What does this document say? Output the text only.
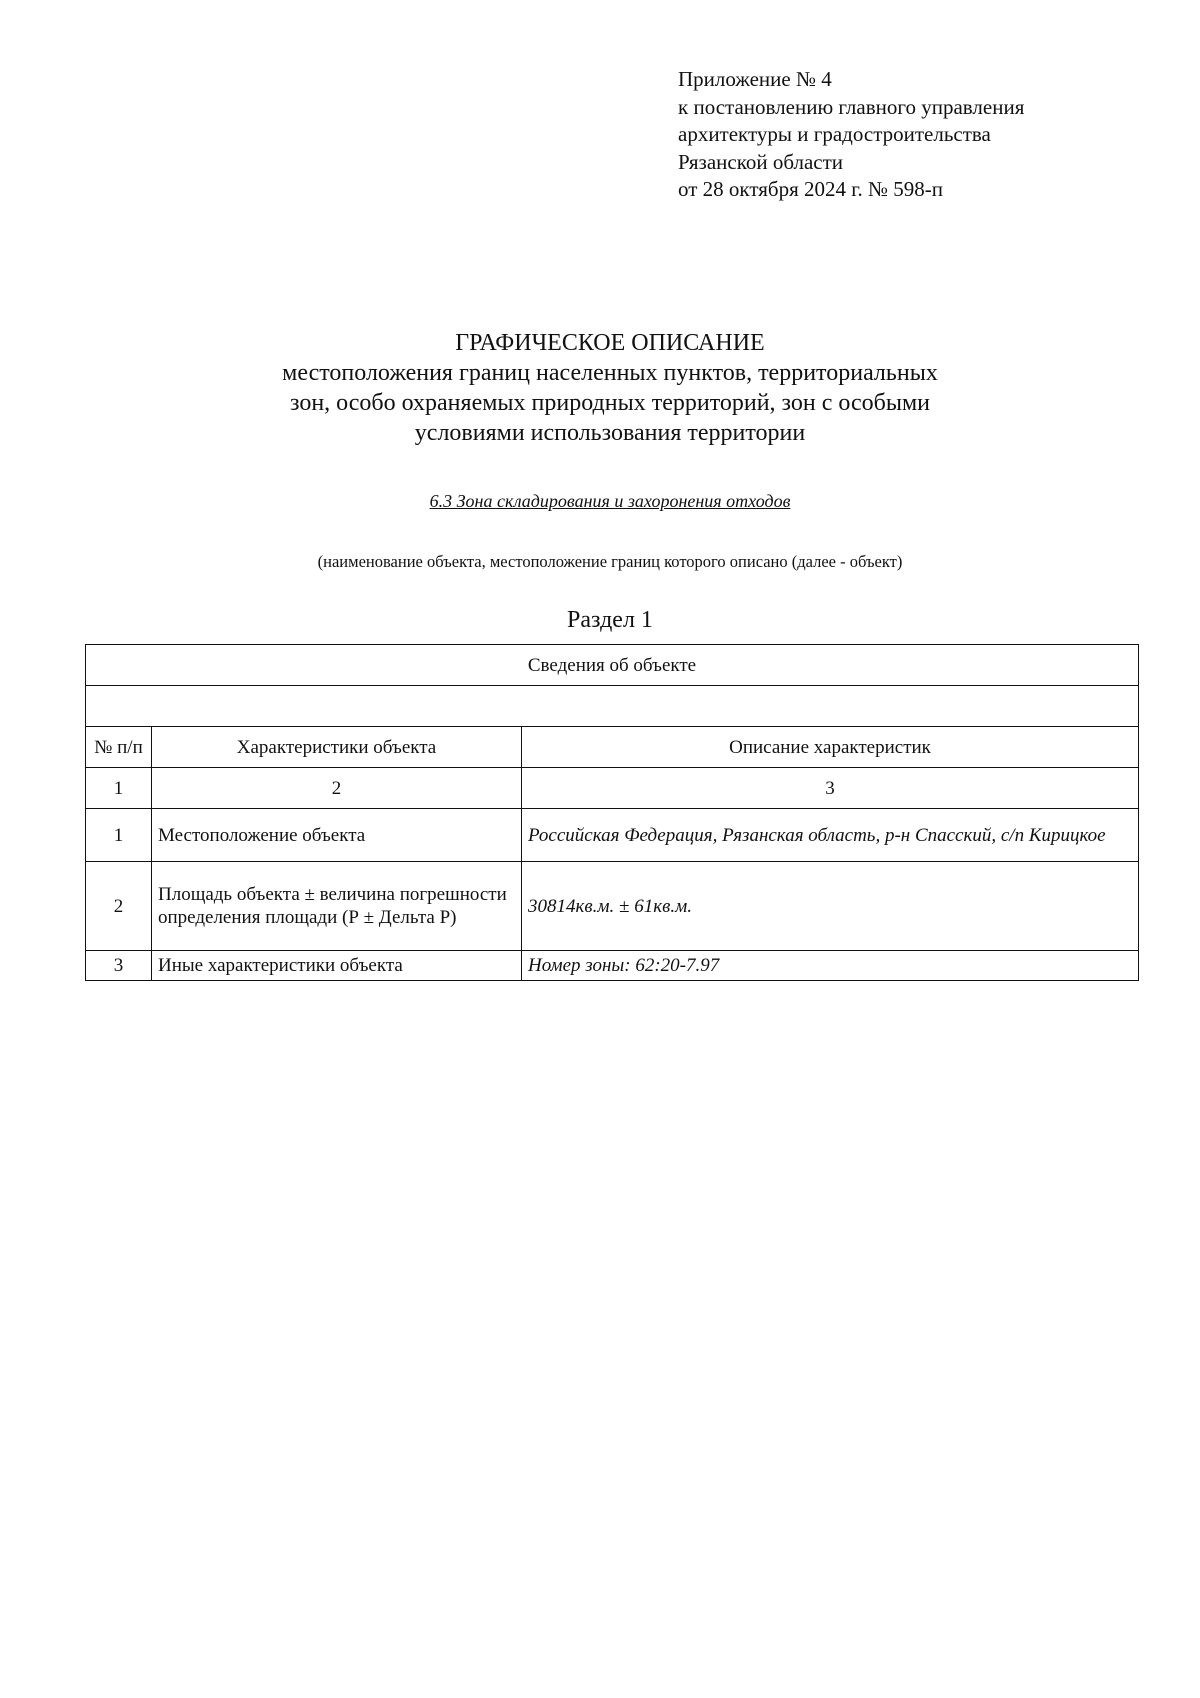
Приложение № 4
к постановлению главного управления
архитектуры и градостроительства
Рязанской области
от 28 октября 2024 г. № 598-п
ГРАФИЧЕСКОЕ ОПИСАНИЕ
местоположения границ населенных пунктов, территориальных
зон, особо охраняемых природных территорий, зон с особыми
условиями использования территории
6.3 Зона складирования и захоронения отходов
(наименование объекта, местоположение границ которого описано (далее - объект)
Раздел 1
Сведения об объекте		

№ п/п	Характеристики объекта	Описание характеристик
1	2	3
1	Местоположение объекта	Российская Федерация, Рязанская область, р-н Спасский, с/п Кирицкое
2	Площадь объекта ± величина погрешности определения площади (Р ± Дельта Р)	30814кв.м. ± 61кв.м.
3	Иные характеристики объекта	Номер зоны: 62:20-7.97
